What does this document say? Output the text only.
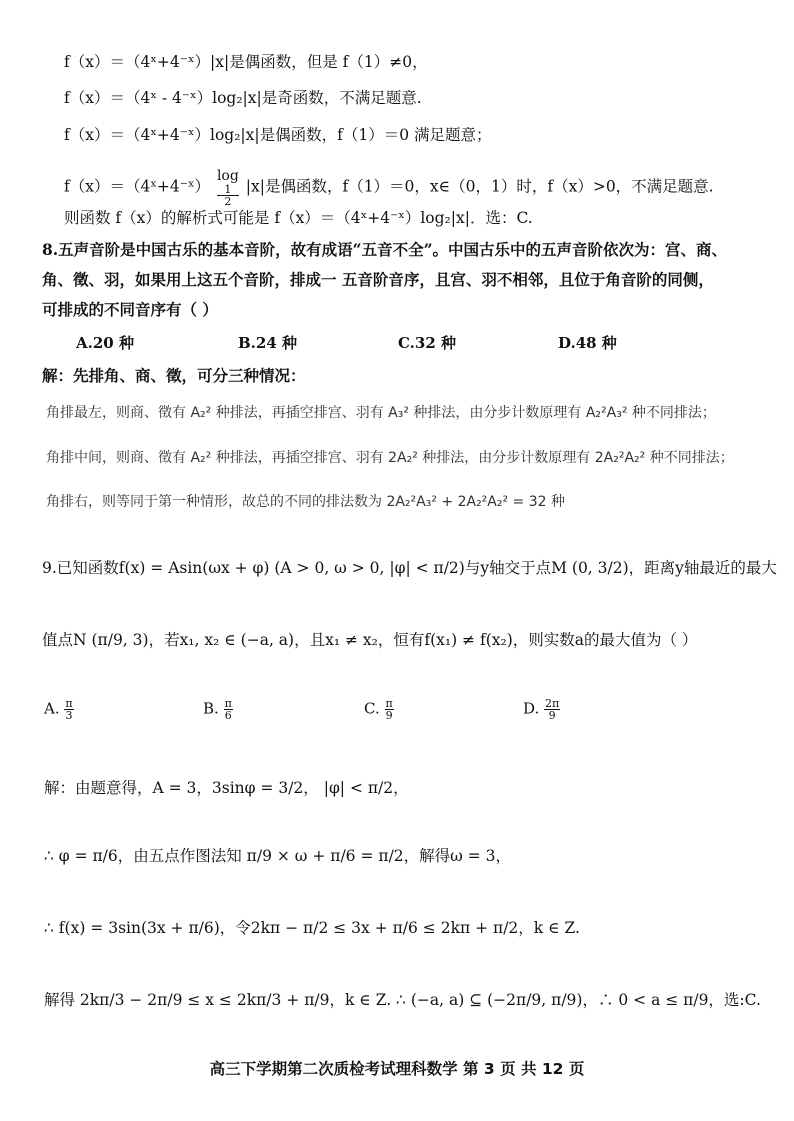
f（x）＝（4ˣ+4⁻ˣ）|x|是偶函数，但是 f（1）≠0，
f（x）＝（4ˣ - 4⁻ˣ）log₂|x|是奇函数，不满足题意.
f（x）＝（4ˣ+4⁻ˣ）log₂|x|是偶函数，f（1）＝0 满足题意；
f（x）＝（4ˣ+4⁻ˣ）
log
1
2
|x|是偶函数，f（1）＝0，x∈（0，1）时，f（x）>0，不满足题意.
则函数 f（x）的解析式可能是 f（x）＝（4ˣ+4⁻ˣ）log₂|x|．选：C.
8.五声音阶是中国古乐的基本音阶，故有成语“五音不全”。中国古乐中的五声音阶依次为：宫、商、
角、徵、羽，如果用上这五个音阶，排成一 五音阶音序，且宫、羽不相邻，且位于角音阶的同侧，
可排成的不同音序有（ ）
A.20 种	B.24 种	C.32 种	D.48 种
解：先排角、商、徵，可分三种情况：
角排最左，则商、徵有 A₂² 种排法，再插空排宫、羽有 A₃² 种排法，由分步计数原理有 A₂²A₃² 种不同排法；
角排中间，则商、徵有 A₂² 种排法，再插空排宫、羽有 2A₂² 种排法，由分步计数原理有 2A₂²A₂² 种不同排法；
角排右，则等同于第一种情形，故总的不同的排法数为 2A₂²A₃² + 2A₂²A₂² = 32 种
9.已知函数f(x) = Asin(ωx + φ) (A > 0, ω > 0, |φ| < π/2)与y轴交于点M (0, 3/2)，距离y轴最近的最大
值点N (π/9, 3)，若x₁, x₂ ∈ (−a, a)，且x₁ ≠ x₂，恒有f(x₁) ≠ f(x₂)，则实数a的最大值为（ ）
A. $\frac{\pi}{3}$	B. $\frac{\pi}{6}$	C. $\frac{\pi}{9}$	D. $\frac{2\pi}{9}$
解：由题意得，A = 3，3sinφ = 3/2， |φ| < π/2，
∴ φ = π/6，由五点作图法知 π/9 × ω + π/6 = π/2，解得ω = 3，
∴ f(x) = 3sin(3x + π/6)，令2kπ − π/2 ≤ 3x + π/6 ≤ 2kπ + π/2，k ∈ Z.
解得 2kπ/3 − 2π/9 ≤ x ≤ 2kπ/3 + π/9，k ∈ Z. ∴ (−a, a) ⊆ (−2π/9, π/9)，∴ 0 < a ≤ π/9，选:C.
高三下学期第二次质检考试理科数学 第 3 页 共 12 页
